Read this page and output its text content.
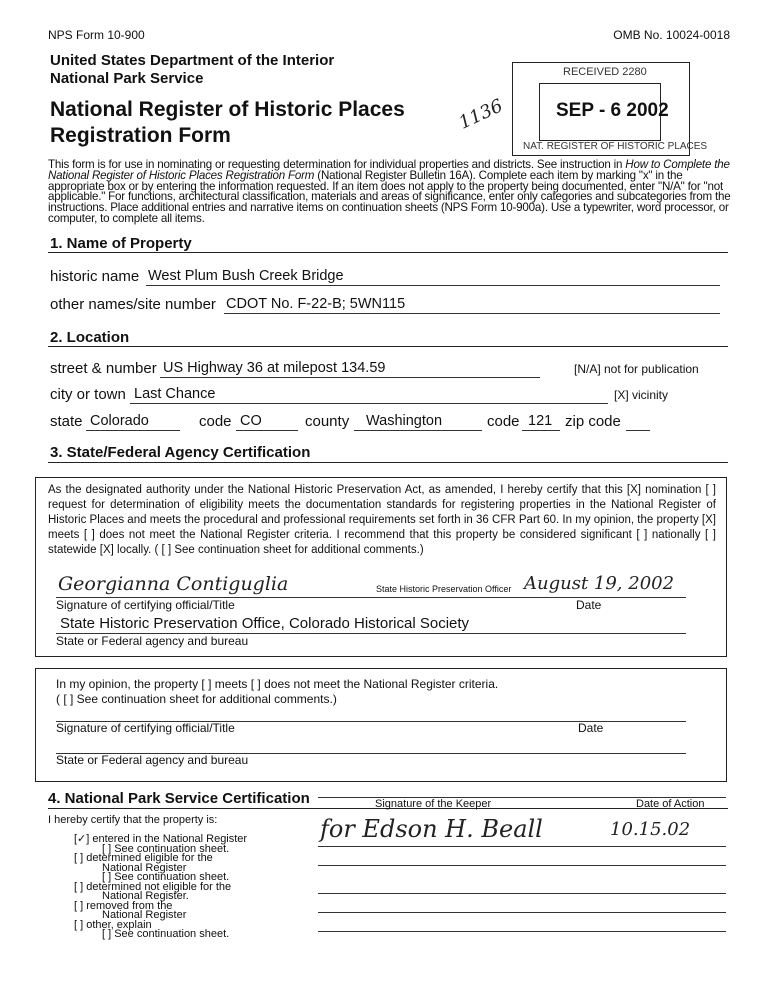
NPS Form 10-900	OMB No. 10024-0018
United States Department of the Interior
National Park Service
National Register of Historic Places
Registration Form
1136
RECEIVED 2280
SEP - 6 2002
NAT. REGISTER OF HISTORIC PLACES

This form is for use in nominating or requesting determination for individual properties and districts. See instruction in How to Complete the National Register of Historic Places Registration Form (National Register Bulletin 16A). Complete each item by marking "x" in the appropriate box or by entering the information requested. If an item does not apply to the property being documented, enter "N/A" for "not applicable." For functions, architectural classification, materials and areas of significance, enter only categories and subcategories from the instructions. Place additional entries and narrative items on continuation sheets (NPS Form 10-900a). Use a typewriter, word processor, or computer, to complete all items.

1. Name of Property
historic name West Plum Bush Creek Bridge
other names/site number CDOT No. F-22-B; 5WN115
2. Location
street & number US Highway 36 at milepost 134.59	[N/A] not for publication
city or town Last Chance	[X] vicinity
state Colorado	code CO	county Washington	code 121 zip code
3. State/Federal Agency Certification

As the designated authority under the National Historic Preservation Act, as amended, I hereby certify that this [X] nomination [ ] request for determination of eligibility meets the documentation standards for registering properties in the National Register of Historic Places and meets the procedural and professional requirements set forth in 36 CFR Part 60. In my opinion, the property [X] meets [ ] does not meet the National Register criteria. I recommend that this property be considered significant [ ] nationally [ ] statewide [X] locally. ( [ ] See continuation sheet for additional comments.)

Georgianna Contiguglia	State Historic Preservation Officer August 19, 2002
Signature of certifying official/Title	Date
State Historic Preservation Office, Colorado Historical Society
State or Federal agency and bureau
In my opinion, the property [ ] meets [ ] does not meet the National Register criteria.
( [ ] See continuation sheet for additional comments.)
Signature of certifying official/Title	Date
State or Federal agency and bureau
4. National Park Service Certification
I hereby certify that the property is:
Signature of the Keeper	Date of Action
for Edson H. Beall	10.15.02
[✓] entered in the National Register
[ ] See continuation sheet.
[ ] determined eligible for the
National Register
[ ] See continuation sheet.
[ ] determined not eligible for the
National Register.
[ ] removed from the
National Register
[ ] other, explain
[ ] See continuation sheet.
